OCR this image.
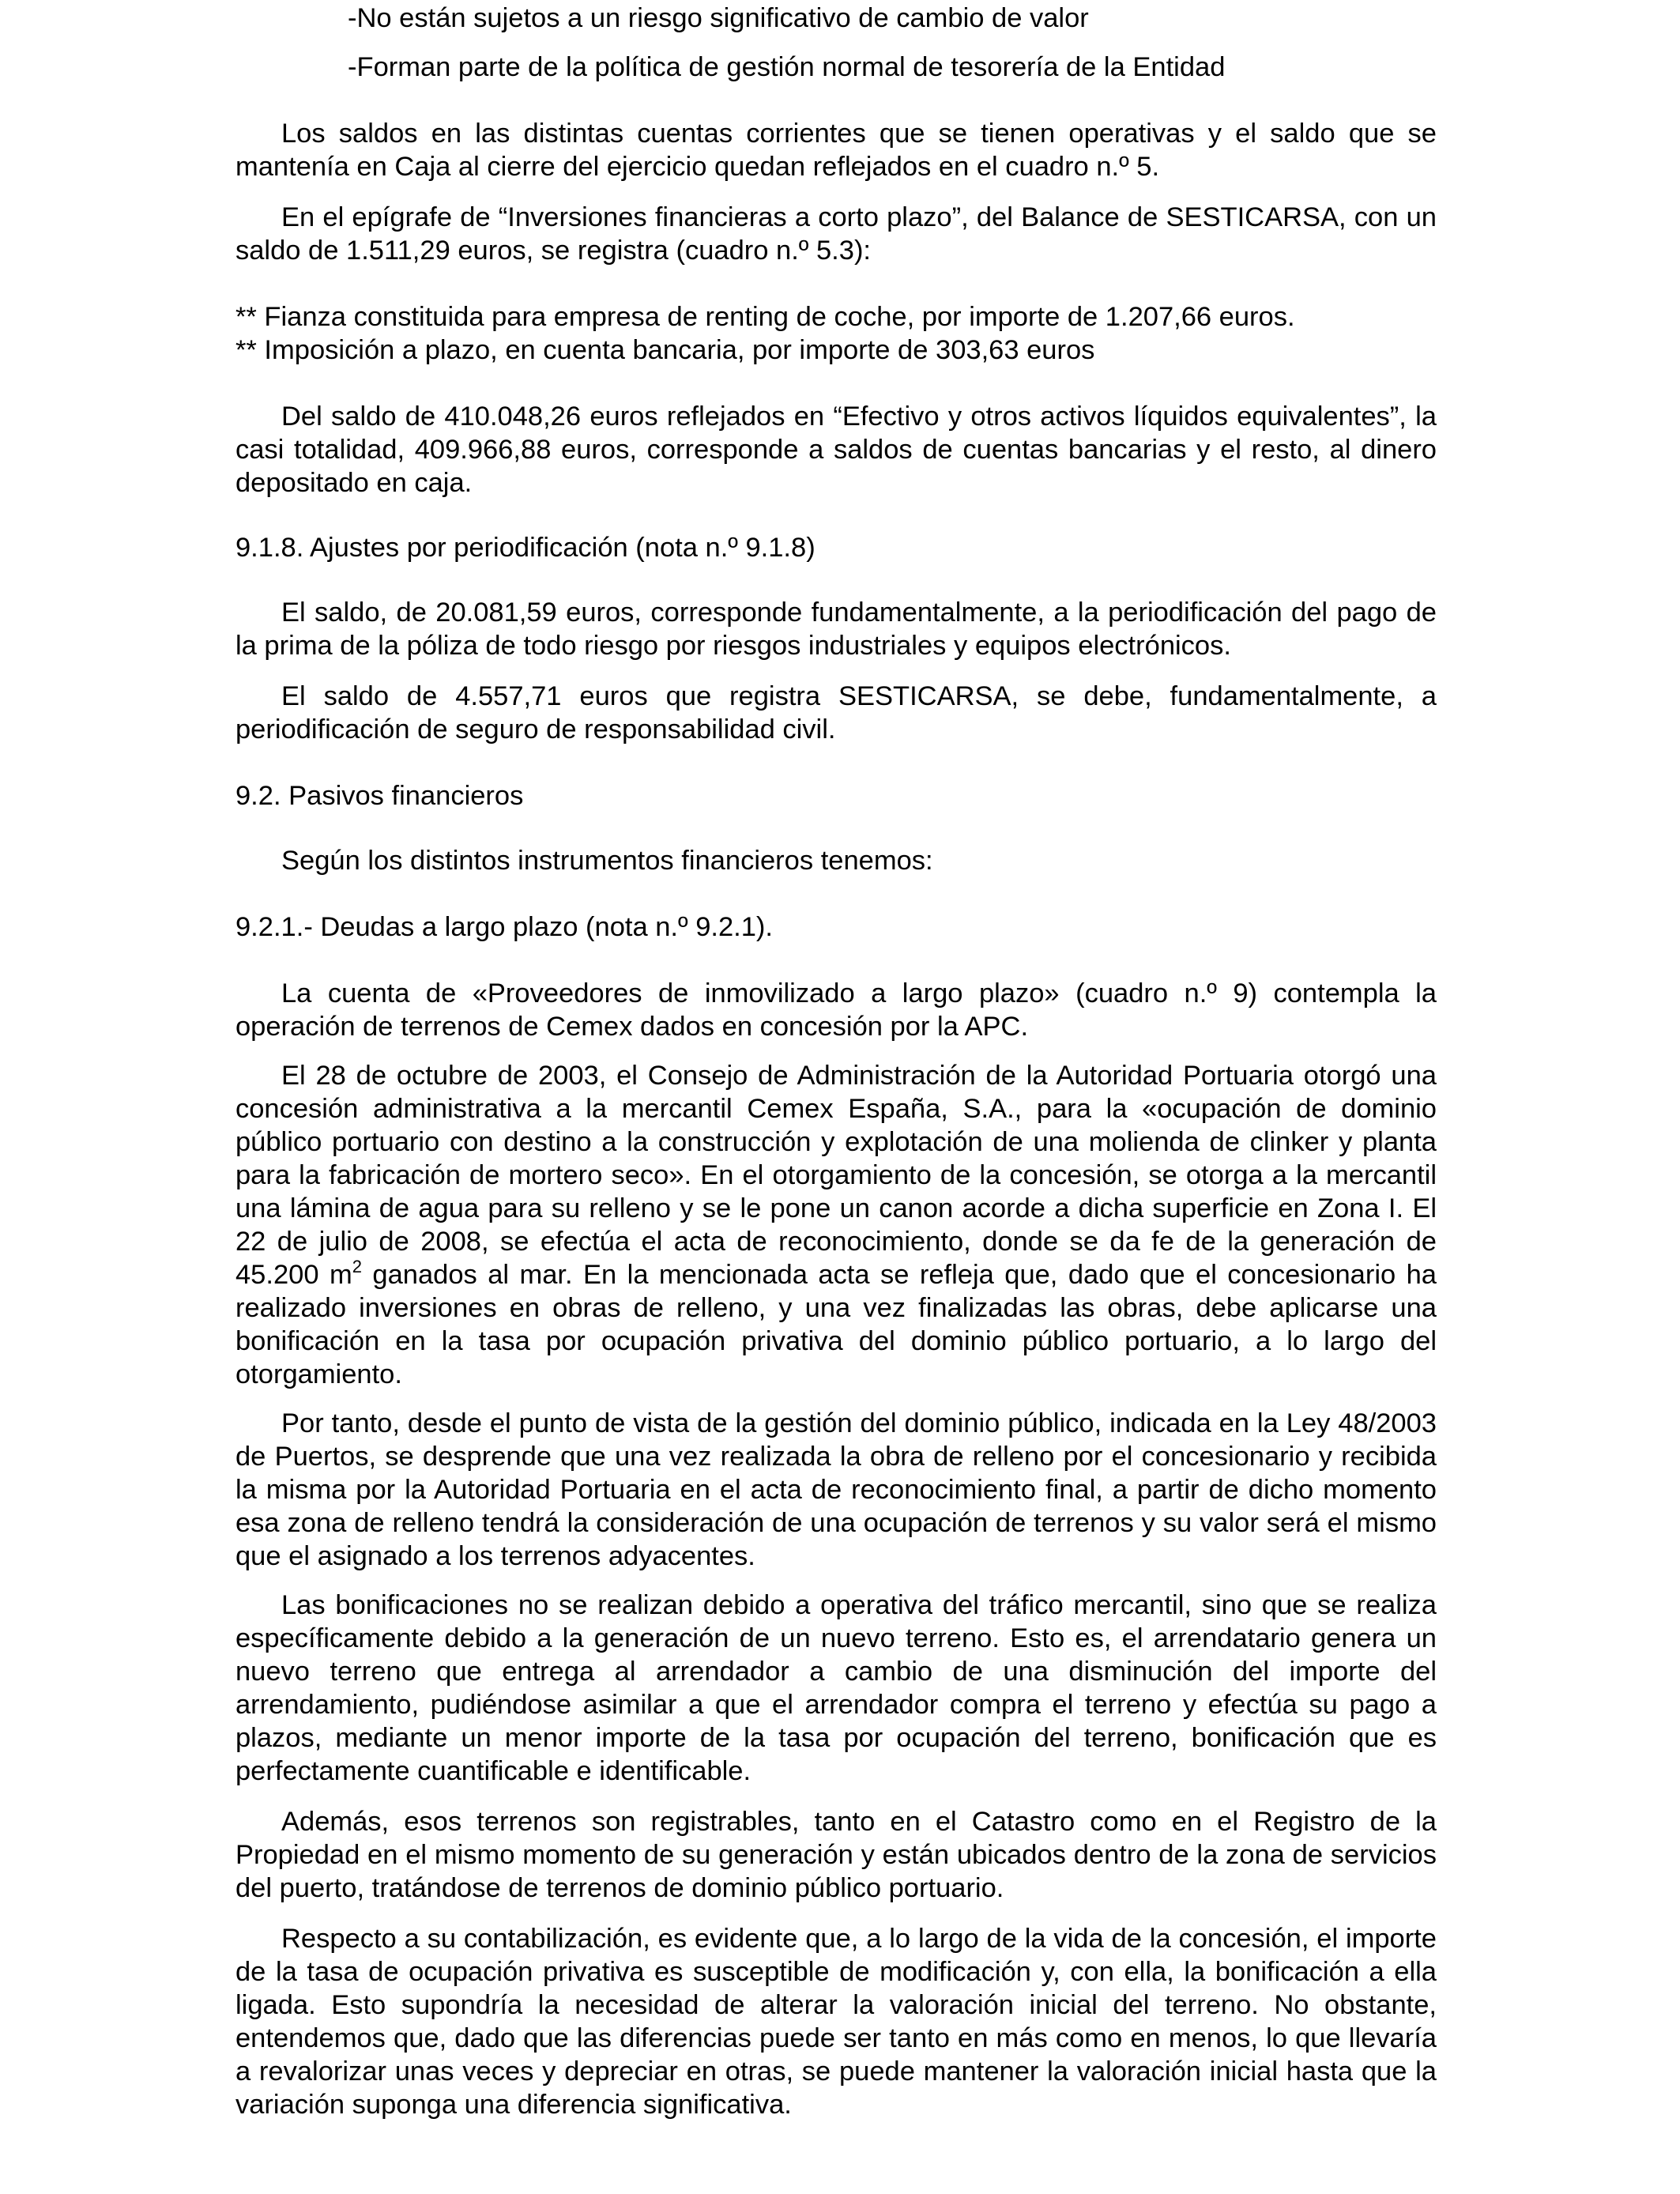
-No están sujetos a un riesgo significativo de cambio de valor

-Forman parte de la política de gestión normal de tesorería de la Entidad

Los saldos en las distintas cuentas corrientes que se tienen operativas y el saldo que se mantenía en Caja al cierre del ejercicio quedan reflejados en el cuadro n.º 5.

En el epígrafe de “Inversiones financieras a corto plazo”, del Balance de SESTICARSA, con un saldo de 1.511,29 euros, se registra (cuadro n.º 5.3):

** Fianza constituida para empresa de renting de coche, por importe de 1.207,66 euros.

** Imposición a plazo, en cuenta bancaria, por importe de 303,63 euros

Del saldo de 410.048,26 euros reflejados en “Efectivo y otros activos líquidos equivalentes”, la casi totalidad, 409.966,88 euros, corresponde a saldos de cuentas bancarias y el resto, al dinero depositado en caja.

9.1.8. Ajustes por periodificación (nota n.º 9.1.8)

El saldo, de 20.081,59 euros, corresponde fundamentalmente, a la periodificación del pago de la prima de la póliza de todo riesgo por riesgos industriales y equipos electrónicos.

El saldo de 4.557,71 euros que registra SESTICARSA, se debe, fundamentalmente, a periodificación de seguro de responsabilidad civil.

9.2. Pasivos financieros

Según los distintos instrumentos financieros tenemos:

9.2.1.- Deudas a largo plazo (nota n.º 9.2.1).

La cuenta de «Proveedores de inmovilizado a largo plazo» (cuadro n.º 9) contempla la operación de terrenos de Cemex dados en concesión por la APC.

El 28 de octubre de 2003, el Consejo de Administración de la Autoridad Portuaria otorgó una concesión administrativa a la mercantil Cemex España, S.A., para la «ocupación de dominio público portuario con destino a la construcción y explotación de una molienda de clinker y planta para la fabricación de mortero seco». En el otorgamiento de la concesión, se otorga a la mercantil una lámina de agua para su relleno y se le pone un canon acorde a dicha superficie en Zona I. El 22 de julio de 2008, se efectúa el acta de reconocimiento, donde se da fe de la generación de 45.200 $m^2$ ganados al mar. En la mencionada acta se refleja que, dado que el concesionario ha realizado inversiones en obras de relleno, y una vez finalizadas las obras, debe aplicarse una bonificación en la tasa por ocupación privativa del dominio público portuario, a lo largo del otorgamiento.

Por tanto, desde el punto de vista de la gestión del dominio público, indicada en la Ley 48/2003 de Puertos, se desprende que una vez realizada la obra de relleno por el concesionario y recibida la misma por la Autoridad Portuaria en el acta de reconocimiento final, a partir de dicho momento esa zona de relleno tendrá la consideración de una ocupación de terrenos y su valor será el mismo que el asignado a los terrenos adyacentes.

Las bonificaciones no se realizan debido a operativa del tráfico mercantil, sino que se realiza específicamente debido a la generación de un nuevo terreno. Esto es, el arrendatario genera un nuevo terreno que entrega al arrendador a cambio de una disminución del importe del arrendamiento, pudiéndose asimilar a que el arrendador compra el terreno y efectúa su pago a plazos, mediante un menor importe de la tasa por ocupación del terreno, bonificación que es perfectamente cuantificable e identificable.

Además, esos terrenos son registrables, tanto en el Catastro como en el Registro de la Propiedad en el mismo momento de su generación y están ubicados dentro de la zona de servicios del puerto, tratándose de terrenos de dominio público portuario.

Respecto a su contabilización, es evidente que, a lo largo de la vida de la concesión, el importe de la tasa de ocupación privativa es susceptible de modificación y, con ella, la bonificación a ella ligada. Esto supondría la necesidad de alterar la valoración inicial del terreno. No obstante, entendemos que, dado que las diferencias puede ser tanto en más como en menos, lo que llevaría a revalorizar unas veces y depreciar en otras, se puede mantener la valoración inicial hasta que la variación suponga una diferencia significativa.
